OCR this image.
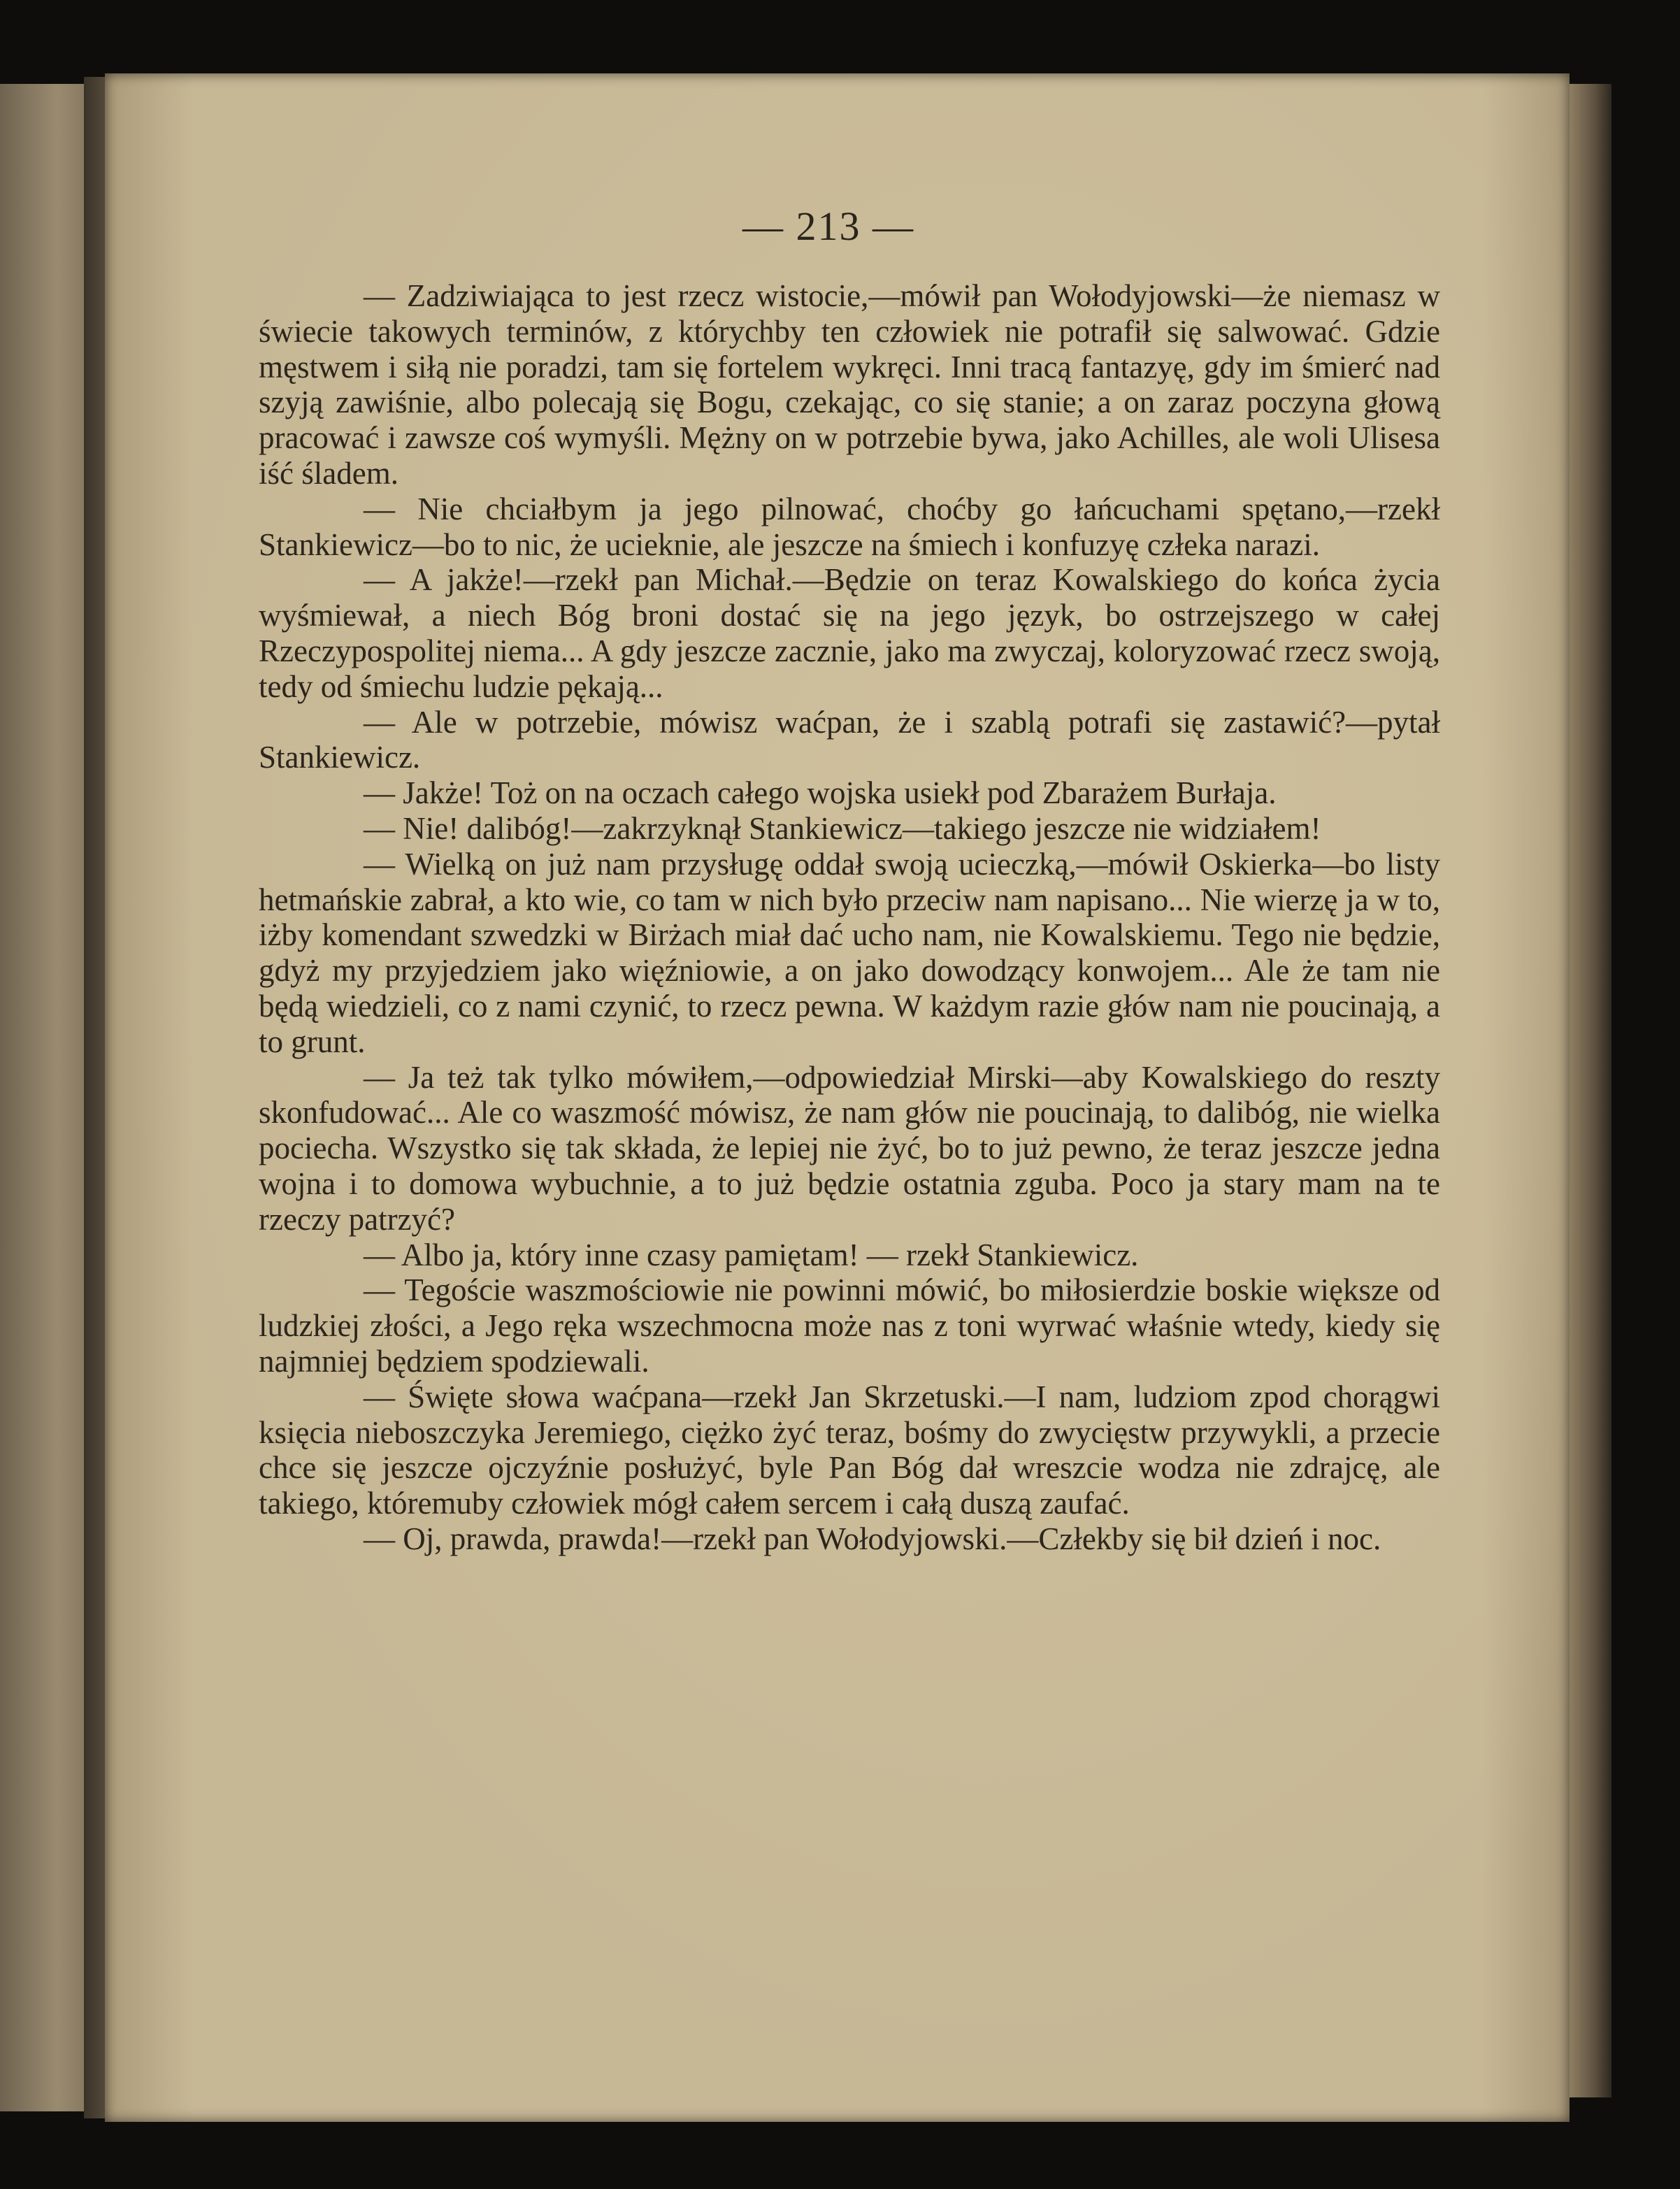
— 213 —

— Zadziwiająca to jest rzecz wistocie,—mówił pan Wołodyjowski—że niemasz w świecie takowych terminów, z którychby ten człowiek nie potrafił się salwować. Gdzie męstwem i siłą nie poradzi, tam się fortelem wykręci. Inni tracą fantazyę, gdy im śmierć nad szyją zawiśnie, albo polecają się Bogu, czekając, co się stanie; a on zaraz poczyna głową pracować i zawsze coś wymyśli. Mężny on w potrzebie bywa, jako Achilles, ale woli Ulisesa iść śladem.

— Nie chciałbym ja jego pilnować, choćby go łańcuchami spętano,—rzekł Stankiewicz—bo to nic, że ucieknie, ale jeszcze na śmiech i konfuzyę człeka narazi.

— A jakże!—rzekł pan Michał.—Będzie on teraz Kowalskiego do końca życia wyśmiewał, a niech Bóg broni dostać się na jego język, bo ostrzejszego w całej Rzeczypospolitej niema... A gdy jeszcze zacznie, jako ma zwyczaj, koloryzować rzecz swoją, tedy od śmiechu ludzie pękają...

— Ale w potrzebie, mówisz waćpan, że i szablą potrafi się zastawić?—pytał Stankiewicz.

— Jakże! Toż on na oczach całego wojska usiekł pod Zbarażem Burłaja.

— Nie! dalibóg!—zakrzyknął Stankiewicz—takiego jeszcze nie widziałem!

— Wielką on już nam przysługę oddał swoją ucieczką,—mówił Oskierka—bo listy hetmańskie zabrał, a kto wie, co tam w nich było przeciw nam napisano... Nie wierzę ja w to, iżby komendant szwedzki w Birżach miał dać ucho nam, nie Kowalskiemu. Tego nie będzie, gdyż my przyjedziem jako więźniowie, a on jako dowodzący konwojem... Ale że tam nie będą wiedzieli, co z nami czynić, to rzecz pewna. W każdym razie głów nam nie poucinają, a to grunt.

— Ja też tak tylko mówiłem,—odpowiedział Mirski—aby Kowalskiego do reszty skonfudować... Ale co waszmość mówisz, że nam głów nie poucinają, to dalibóg, nie wielka pociecha. Wszystko się tak składa, że lepiej nie żyć, bo to już pewno, że teraz jeszcze jedna wojna i to domowa wybuchnie, a to już będzie ostatnia zguba. Poco ja stary mam na te rzeczy patrzyć?

— Albo ja, który inne czasy pamiętam! — rzekł Stankiewicz.

— Tegoście waszmościowie nie powinni mówić, bo miłosierdzie boskie większe od ludzkiej złości, a Jego ręka wszechmocna może nas z toni wyrwać właśnie wtedy, kiedy się najmniej będziem spodziewali.

— Święte słowa waćpana—rzekł Jan Skrzetuski.—I nam, ludziom zpod chorągwi księcia nieboszczyka Jeremiego, ciężko żyć teraz, bośmy do zwycięstw przywykli, a przecie chce się jeszcze ojczyźnie posłużyć, byle Pan Bóg dał wreszcie wodza nie zdrajcę, ale takiego, któremuby człowiek mógł całem sercem i całą duszą zaufać.

— Oj, prawda, prawda!—rzekł pan Wołodyjowski.—Człekby się bił dzień i noc.
